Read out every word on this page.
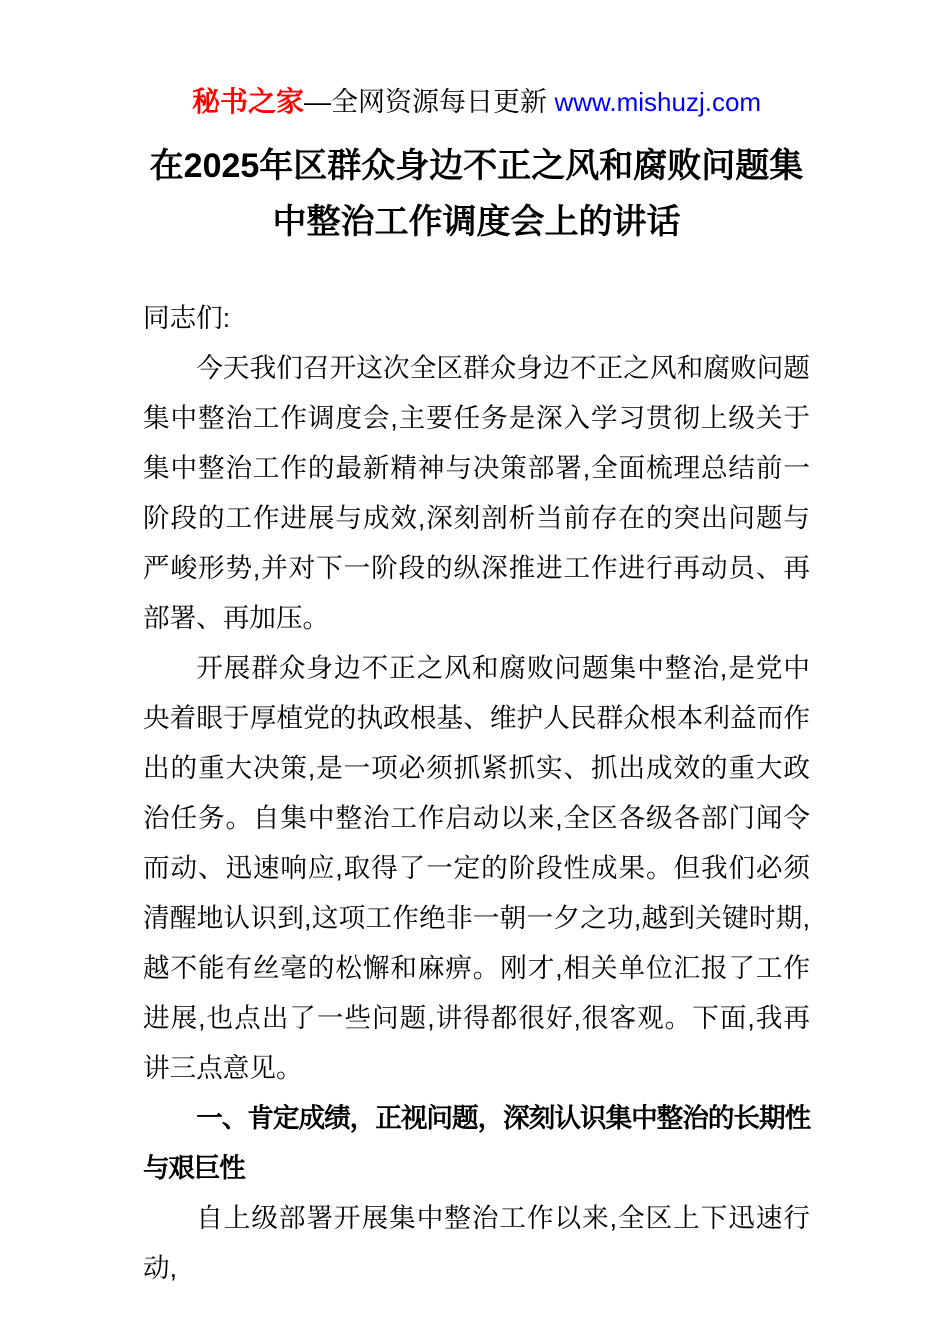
秘书之家—全网资源每日更新 www.mishuzj.com
在2025年区群众身边不正之风和腐败问题集中整治工作调度会上的讲话

同志们:

今天我们召开这次全区群众身边不正之风和腐败问题集中整治工作调度会,主要任务是深入学习贯彻上级关于集中整治工作的最新精神与决策部署,全面梳理总结前一阶段的工作进展与成效,深刻剖析当前存在的突出问题与严峻形势,并对下一阶段的纵深推进工作进行再动员、再部署、再加压。

开展群众身边不正之风和腐败问题集中整治,是党中央着眼于厚植党的执政根基、维护人民群众根本利益而作出的重大决策,是一项必须抓紧抓实、抓出成效的重大政治任务。自集中整治工作启动以来,全区各级各部门闻令而动、迅速响应,取得了一定的阶段性成果。但我们必须清醒地认识到,这项工作绝非一朝一夕之功,越到关键时期,越不能有丝毫的松懈和麻痹。刚才,相关单位汇报了工作进展,也点出了一些问题,讲得都很好,很客观。下面,我再讲三点意见。

一、肯定成绩，正视问题，深刻认识集中整治的长期性与艰巨性

自上级部署开展集中整治工作以来,全区上下迅速行动,
